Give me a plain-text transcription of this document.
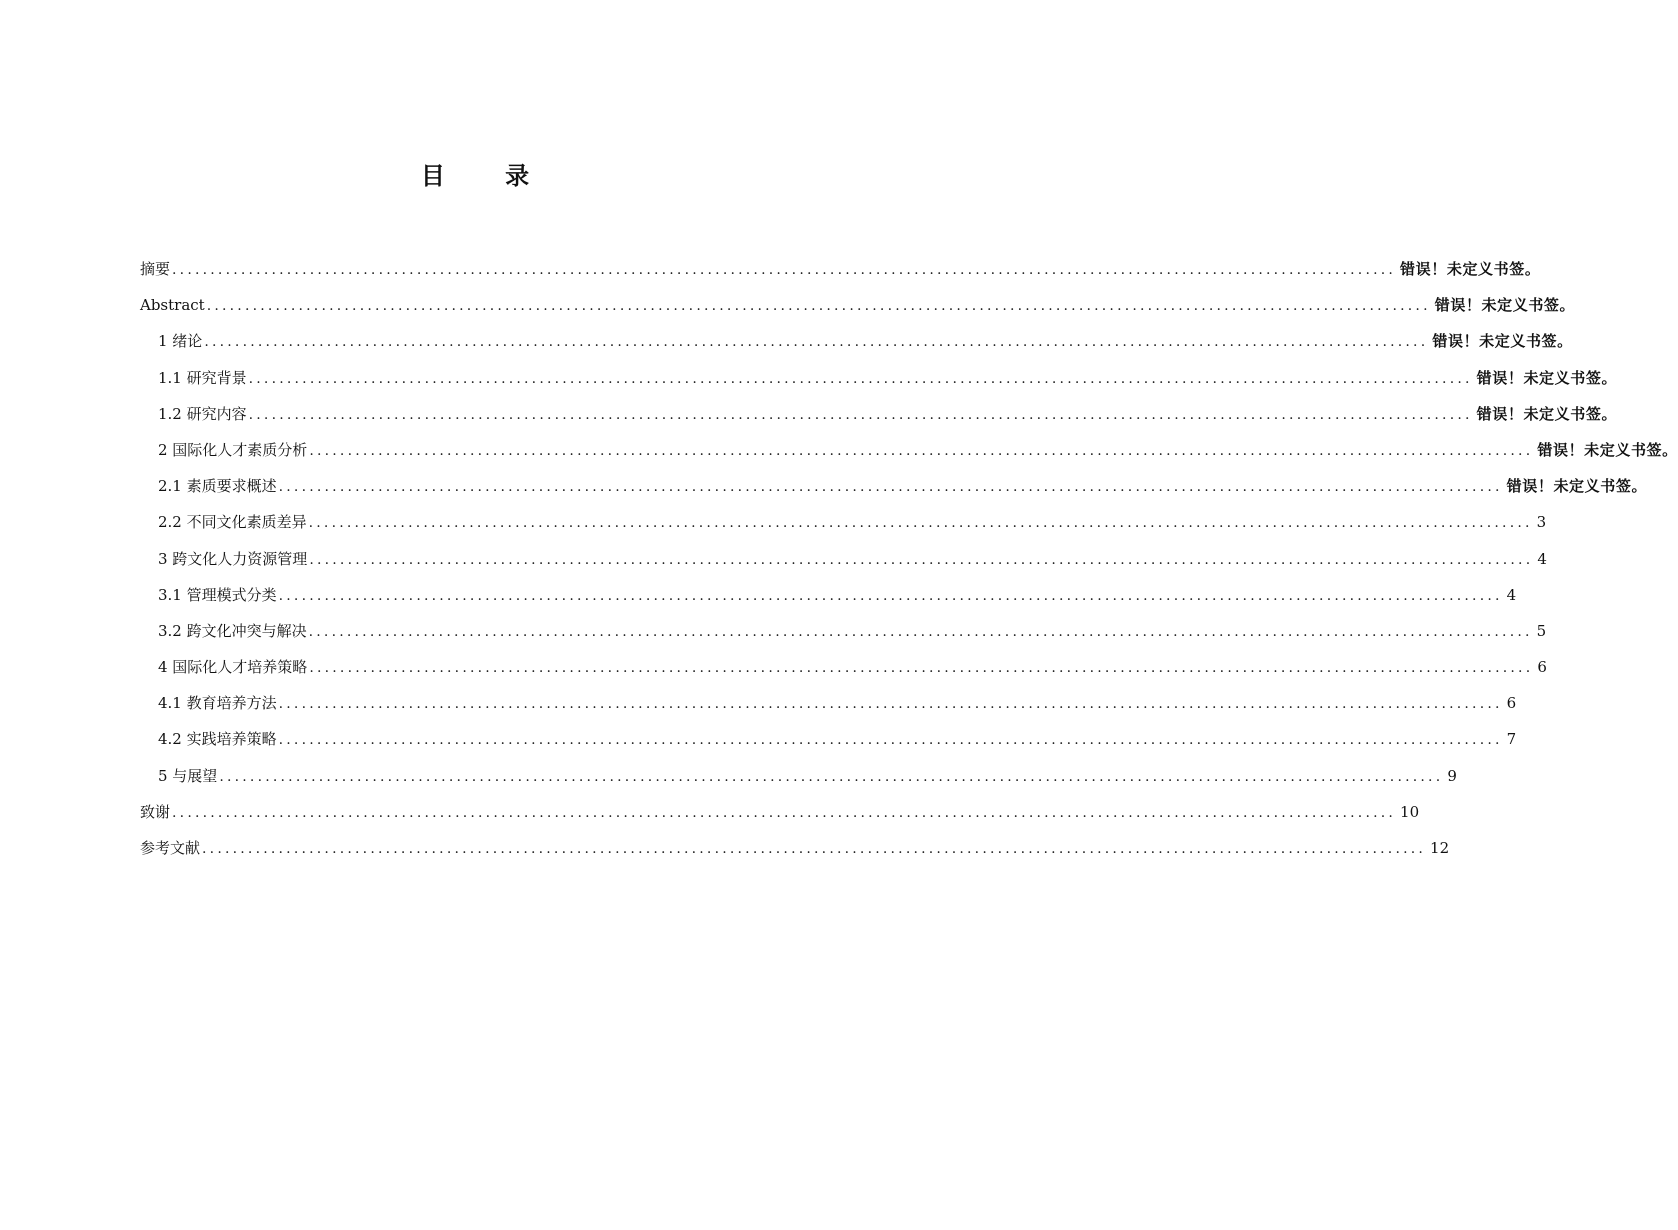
目 录
摘要 ................................................................................................................................................................ 错误！未定义书签。
Abstract ................................................................................................................................................................ 错误！未定义书签。
1 绪论 ................................................................................................................................................................ 错误！未定义书签。
1.1 研究背景 ................................................................................................................................................................ 错误！未定义书签。
1.2 研究内容 ................................................................................................................................................................ 错误！未定义书签。
2 国际化人才素质分析 ................................................................................................................................................................ 错误！未定义书签。
2.1 素质要求概述 ................................................................................................................................................................ 错误！未定义书签。
2.2 不同文化素质差异 ................................................................................................................................................................ 3
3 跨文化人力资源管理 ................................................................................................................................................................ 4
3.1 管理模式分类 ................................................................................................................................................................ 4
3.2 跨文化冲突与解决 ................................................................................................................................................................ 5
4 国际化人才培养策略 ................................................................................................................................................................ 6
4.1 教育培养方法 ................................................................................................................................................................ 6
4.2 实践培养策略 ................................................................................................................................................................ 7
5 与展望 ................................................................................................................................................................ 9
致谢 ................................................................................................................................................................ 10
参考文献 ................................................................................................................................................................ 12
